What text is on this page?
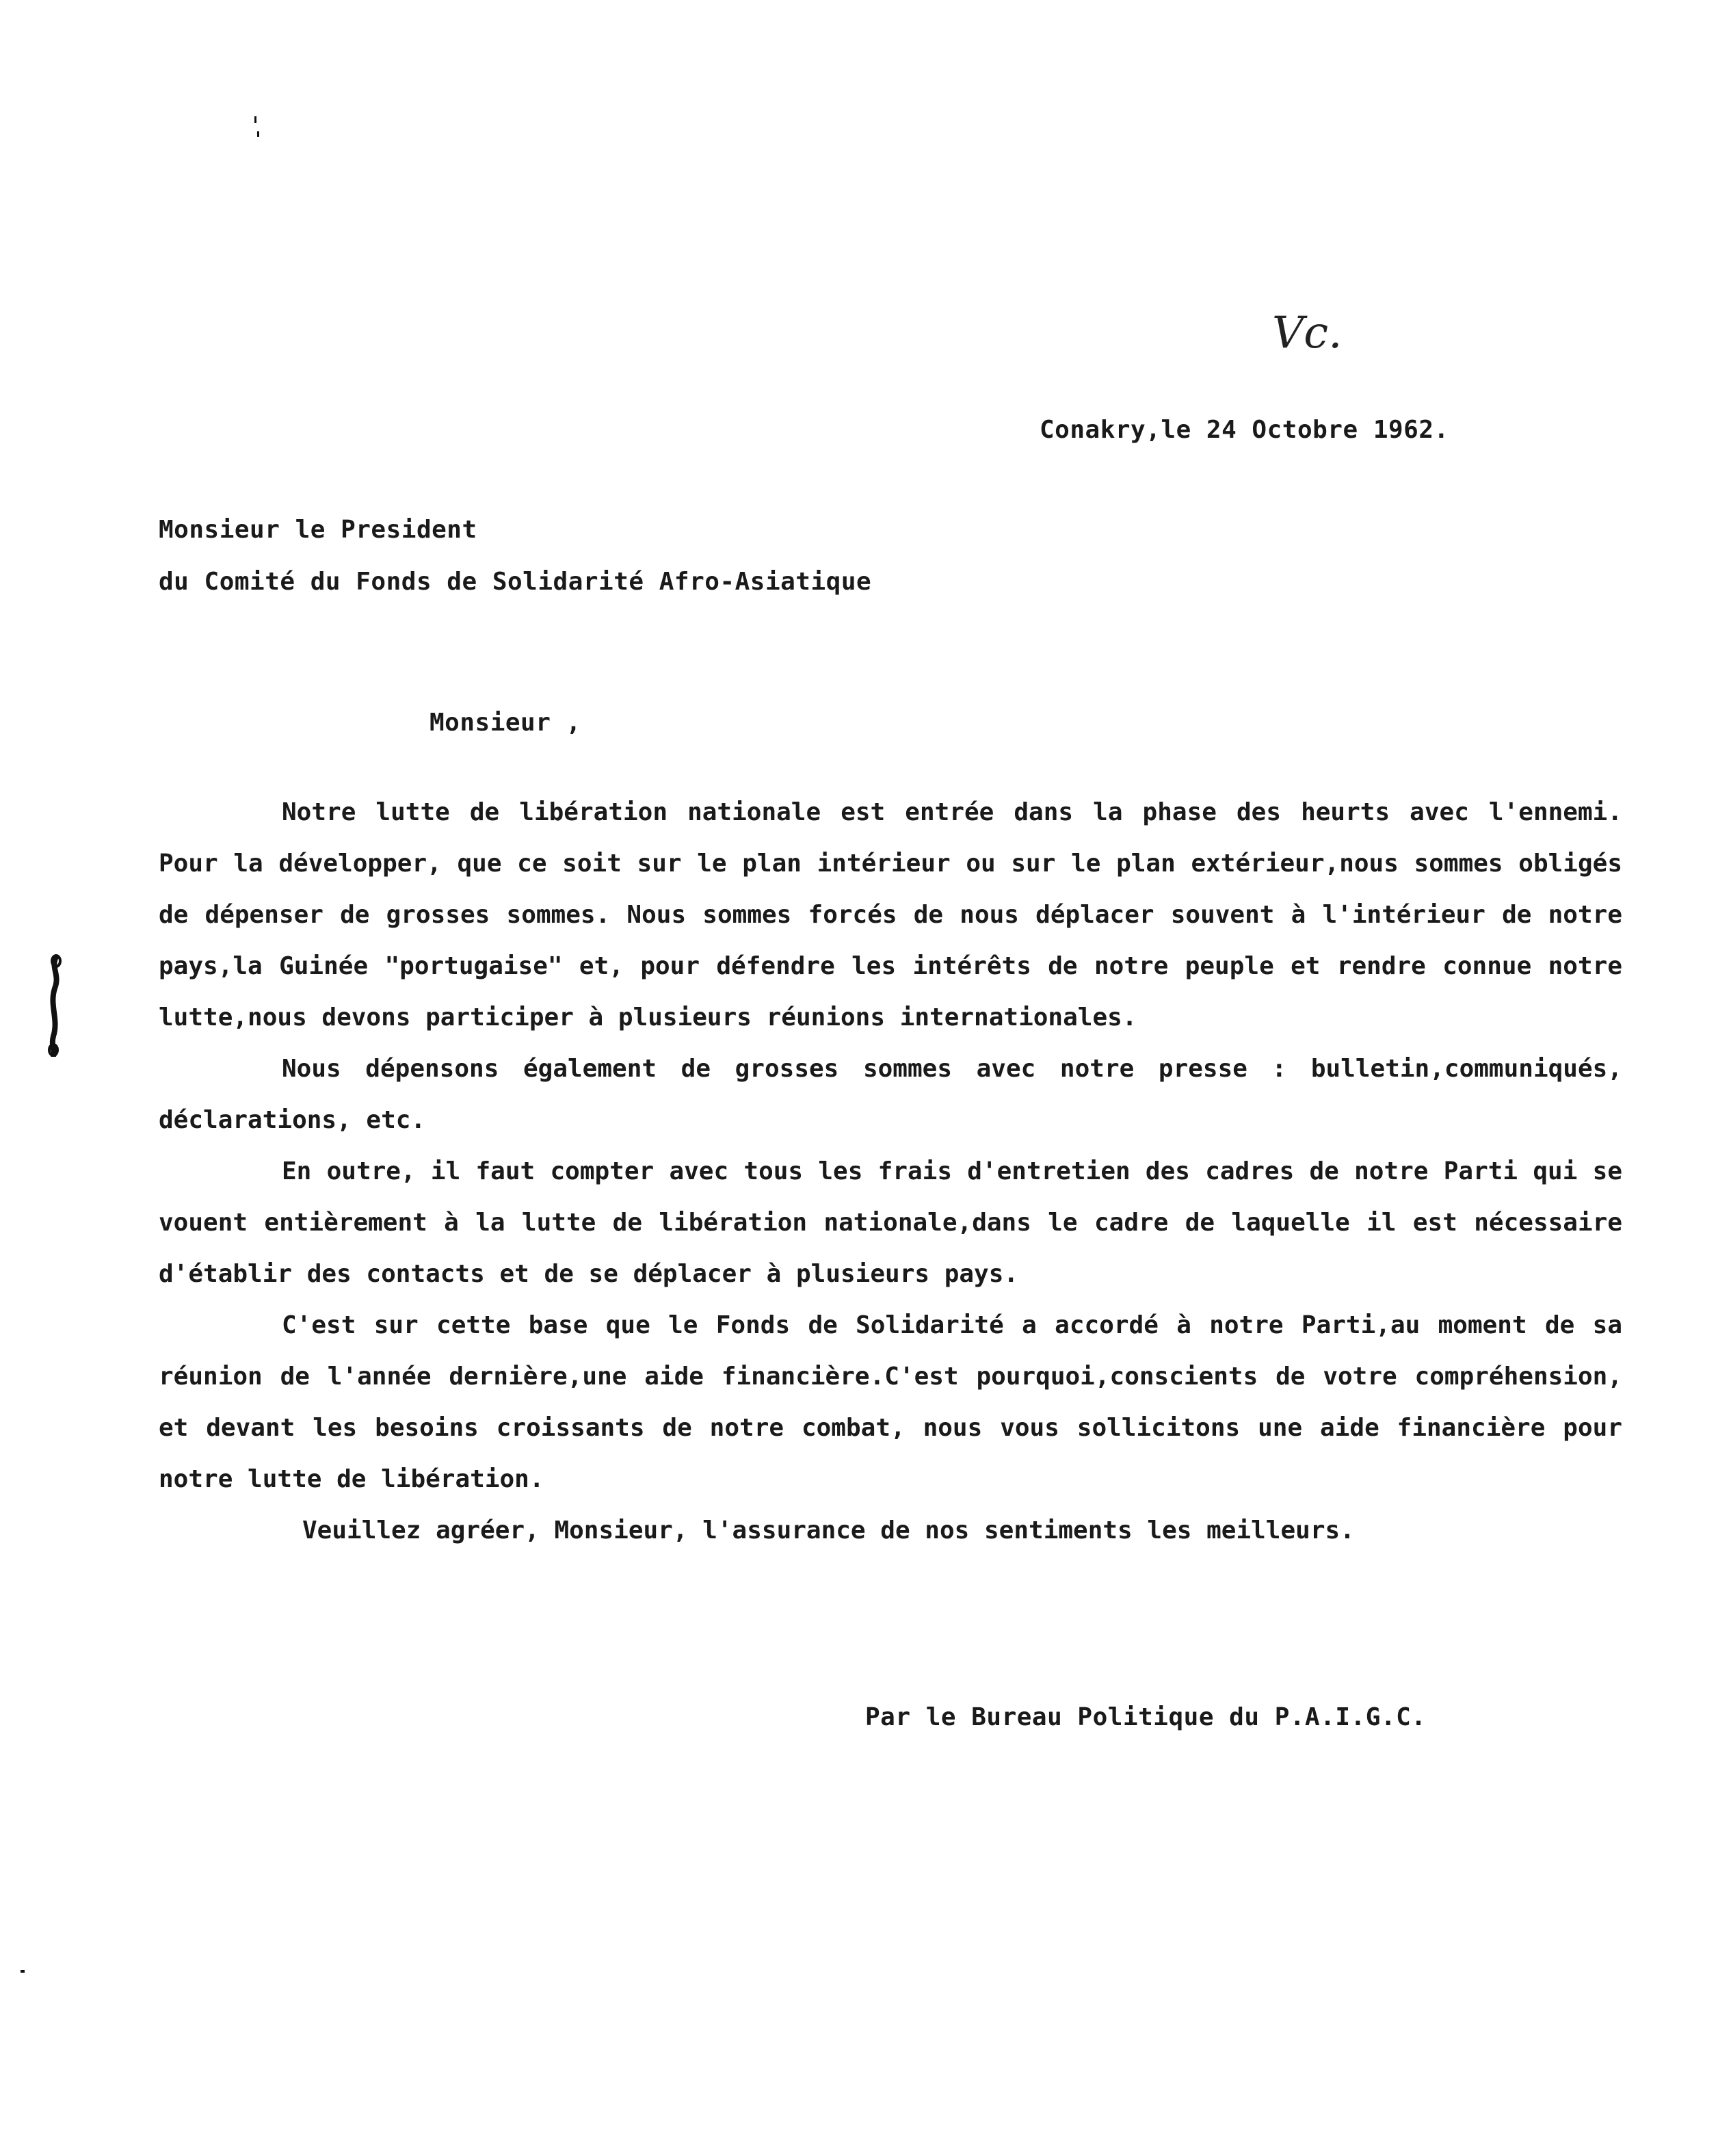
Vc.
Conakry,le 24 Octobre 1962.
Monsieur le President
du Comité du Fonds de Solidarité Afro-Asiatique
Monsieur ,

Notre lutte de libération nationale est entrée dans la phase des heurts avec l'ennemi. Pour la développer, que ce soit sur le plan intérieur ou sur le plan extérieur,nous sommes obligés de dépenser de grosses sommes. Nous sommes forcés de nous déplacer souvent à l'intérieur de notre pays,la Guinée "portugaise" et, pour défendre les intérêts de notre peuple et rendre connue notre lutte,nous devons participer à plusieurs réunions internationales.

Nous dépensons également de grosses sommes avec notre presse : bulletin,communiqués, déclarations, etc.

En outre, il faut compter avec tous les frais d'entretien des cadres de notre Parti qui se vouent entièrement à la lutte de libération nationale,dans le cadre de laquelle il est nécessaire d'établir des contacts et de se déplacer à plusieurs pays.

C'est sur cette base que le Fonds de Solidarité a accordé à notre Parti,au moment de sa réunion de l'année dernière,une aide financière.C'est pourquoi,conscients de votre compréhension, et devant les besoins croissants de notre combat, nous vous sollicitons une aide financière pour notre lutte de libération.

Veuillez agréer, Monsieur, l'assurance de nos sentiments les meilleurs.

Par le Bureau Politique du P.A.I.G.C.
